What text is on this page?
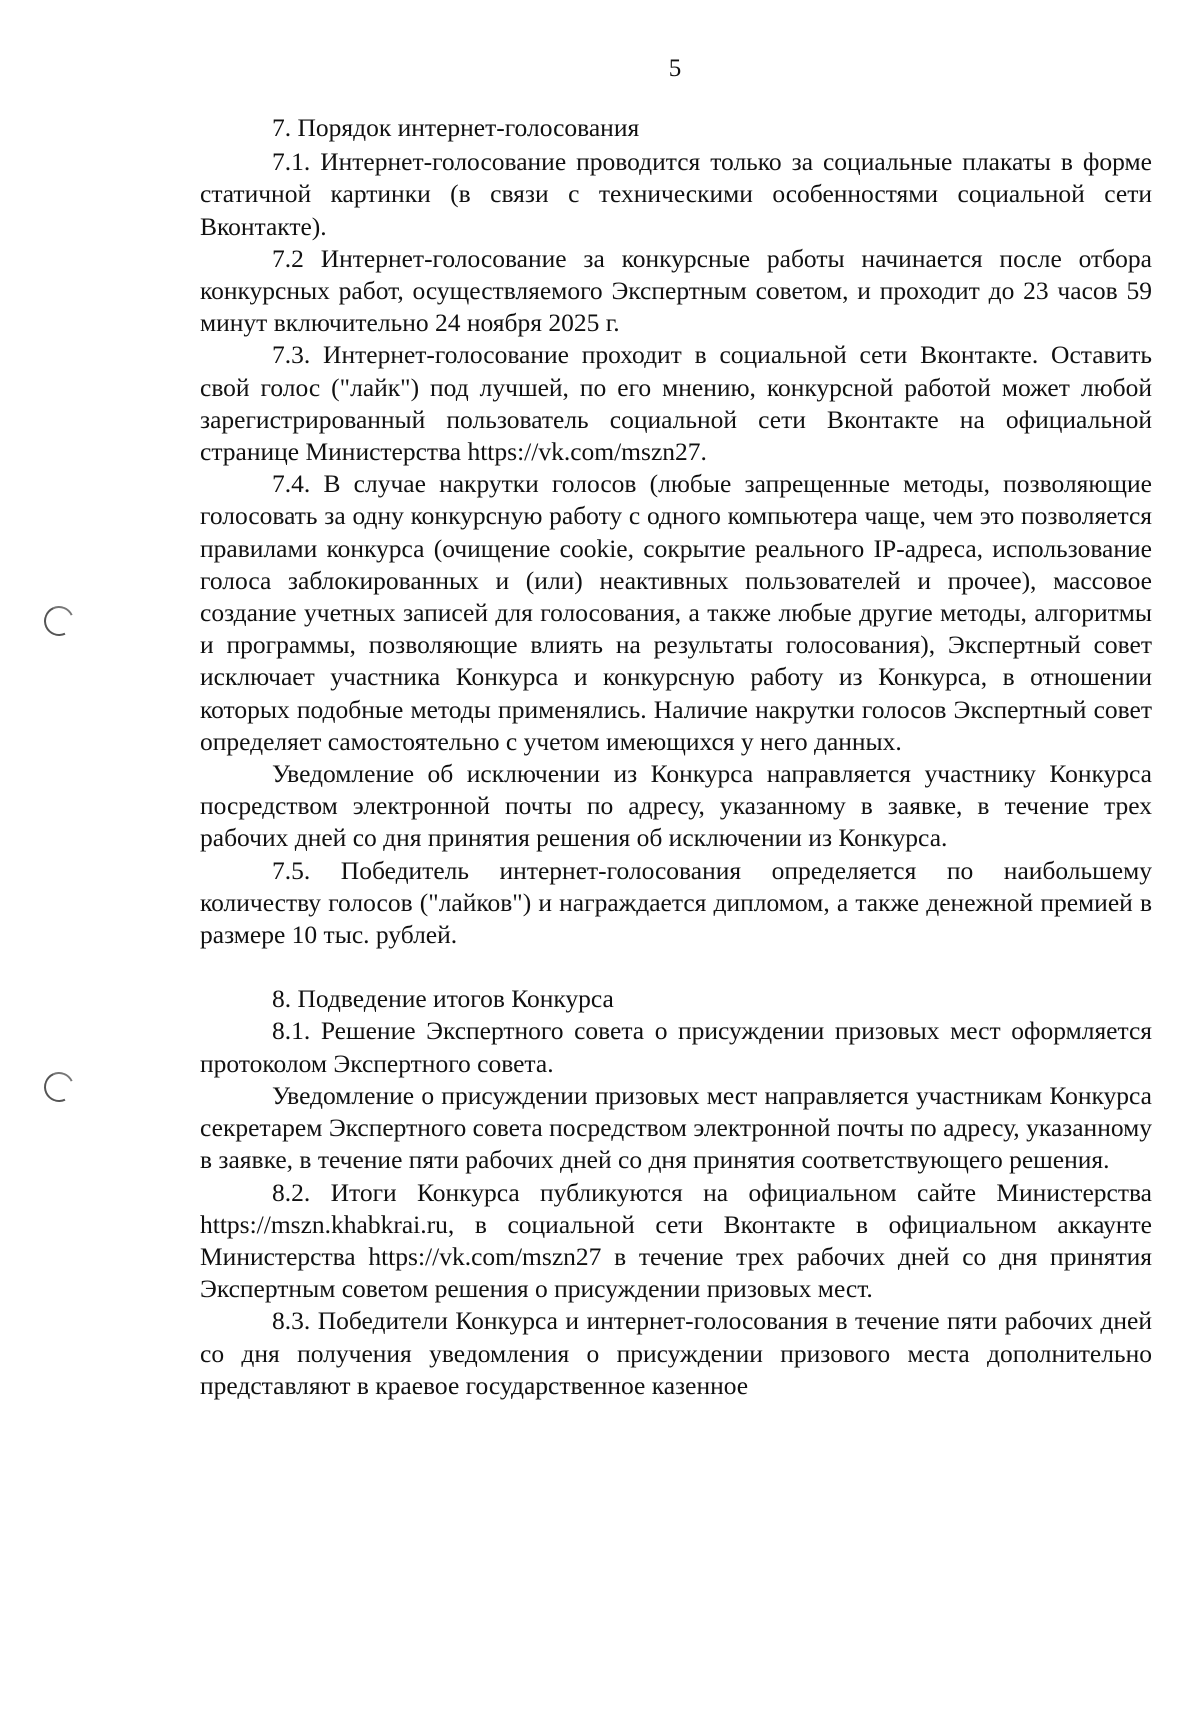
5
7. Порядок интернет-голосования

7.1. Интернет-голосование проводится только за социальные плакаты в форме статичной картинки (в связи с техническими особенностями социальной сети Вконтакте).

7.2 Интернет-голосование за конкурсные работы начинается после отбора конкурсных работ, осуществляемого Экспертным советом, и проходит до 23 часов 59 минут включительно 24 ноября 2025 г.

7.3. Интернет-голосование проходит в социальной сети Вконтакте. Оставить свой голос ("лайк") под лучшей, по его мнению, конкурсной работой может любой зарегистрированный пользователь социальной сети Вконтакте на официальной странице Министерства https://vk.com/mszn27.

7.4. В случае накрутки голосов (любые запрещенные методы, позволяющие голосовать за одну конкурсную работу с одного компьютера чаще, чем это позволяется правилами конкурса (очищение cookie, сокрытие реального IP-адреса, использование голоса заблокированных и (или) неактивных пользователей и прочее), массовое создание учетных записей для голосования, а также любые другие методы, алгоритмы и программы, позволяющие влиять на результаты голосования), Экспертный совет исключает участника Конкурса и конкурсную работу из Конкурса, в отношении которых подобные методы применялись. Наличие накрутки голосов Экспертный совет определяет самостоятельно с учетом имеющихся у него данных.

Уведомление об исключении из Конкурса направляется участнику Конкурса посредством электронной почты по адресу, указанному в заявке, в течение трех рабочих дней со дня принятия решения об исключении из Конкурса.

7.5. Победитель интернет-голосования определяется по наибольшему количеству голосов ("лайков") и награждается дипломом, а также денежной премией в размере 10 тыс. рублей.

8. Подведение итогов Конкурса

8.1. Решение Экспертного совета о присуждении призовых мест оформляется протоколом Экспертного совета.

Уведомление о присуждении призовых мест направляется участникам Конкурса секретарем Экспертного совета посредством электронной почты по адресу, указанному в заявке, в течение пяти рабочих дней со дня принятия соответствующего решения.

8.2. Итоги Конкурса публикуются на официальном сайте Министерства https://mszn.khabkrai.ru, в социальной сети Вконтакте в официальном аккаунте Министерства https://vk.com/mszn27 в течение трех рабочих дней со дня принятия Экспертным советом решения о присуждении призовых мест.

8.3. Победители Конкурса и интернет-голосования в течение пяти рабочих дней со дня получения уведомления о присуждении призового места дополнительно представляют в краевое государственное казенное
